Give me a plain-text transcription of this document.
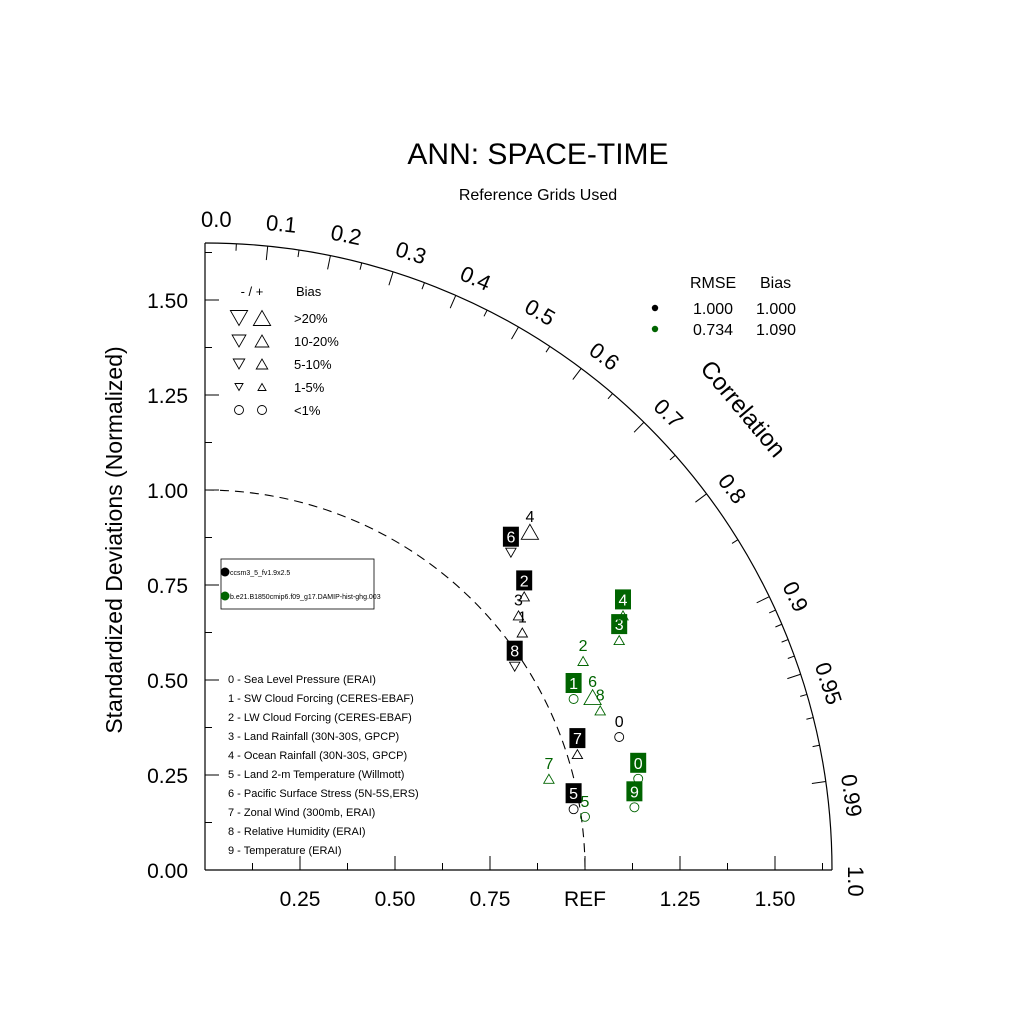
ANN: SPACE-TIME
Reference Grids Used
Standardized Deviations (Normalized)	Correlation
REF
0.25	0.50	0.75	1.25	1.50
0.00
0.25
0.50
0.75
1.00
1.25
1.50
0.0 0.1 0.2
0.3
0.4
0.5
0.6
0.7
0.8
0.9
0.95
0.99
1.0
0
1
2
3
4
5
6
7
8
0
1
2
3
4
5
6
7
8
9
- / +	Bias
>20%
10-20%
5-10%
1-5%
<1%
RMSE Bias
1.000 1.000
0.734 1.090
ccsm3_5_fv1.9x2.5
b.e21.B1850cmip6.f09_g17.DAMIP-hist-ghg.003
0 - Sea Level Pressure (ERAI)
1 - SW Cloud Forcing (CERES-EBAF)
2 - LW Cloud Forcing (CERES-EBAF)
3 - Land Rainfall (30N-30S, GPCP)
4 - Ocean Rainfall (30N-30S, GPCP)
5 - Land 2-m Temperature (Willmott)
6 - Pacific Surface Stress (5N-5S,ERS)
7 - Zonal Wind (300mb, ERAI)
8 - Relative Humidity (ERAI)
9 - Temperature (ERAI)
